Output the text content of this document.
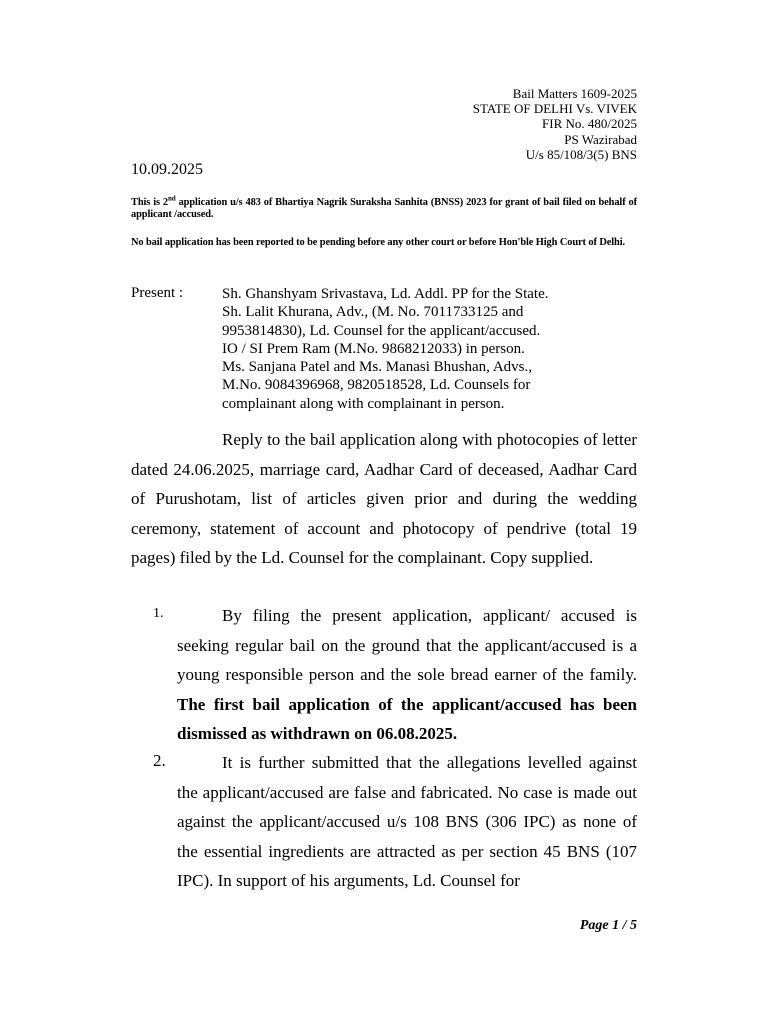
Bail Matters 1609-2025
STATE OF DELHI Vs. VIVEK
FIR No. 480/2025
PS Wazirabad
U/s 85/108/3(5) BNS
10.09.2025
This is 2nd application u/s 483 of Bhartiya Nagrik Suraksha Sanhita (BNSS) 2023 for grant of bail filed on behalf of applicant /accused.
No bail application has been reported to be pending before any other court or before Hon'ble High Court of Delhi.
Present :	Sh. Ghanshyam Srivastava, Ld. Addl. PP for the State.
Sh. Lalit Khurana, Adv., (M. No. 7011733125 and
9953814830), Ld. Counsel for the applicant/accused.
IO / SI Prem Ram (M.No. 9868212033) in person.
Ms. Sanjana Patel and Ms. Manasi Bhushan, Advs.,
M.No. 9084396968, 9820518528, Ld. Counsels for
complainant along with complainant in person.
Reply to the bail application along with photocopies of letter dated 24.06.2025, marriage card, Aadhar Card of deceased, Aadhar Card of Purushotam, list of articles given prior and during the wedding ceremony, statement of account and photocopy of pendrive (total 19 pages) filed by the Ld. Counsel for the complainant. Copy supplied.
1.	By filing the present application, applicant/ accused is seeking regular bail on the ground that the applicant/accused is a young responsible person and the sole bread earner of the family. The first bail application of the applicant/accused has been dismissed as withdrawn on 06.08.2025.
2.	It is further submitted that the allegations levelled against the applicant/accused are false and fabricated. No case is made out against the applicant/accused u/s 108 BNS (306 IPC) as none of the essential ingredients are attracted as per section 45 BNS (107 IPC). In support of his arguments, Ld. Counsel for
Page 1 / 5
